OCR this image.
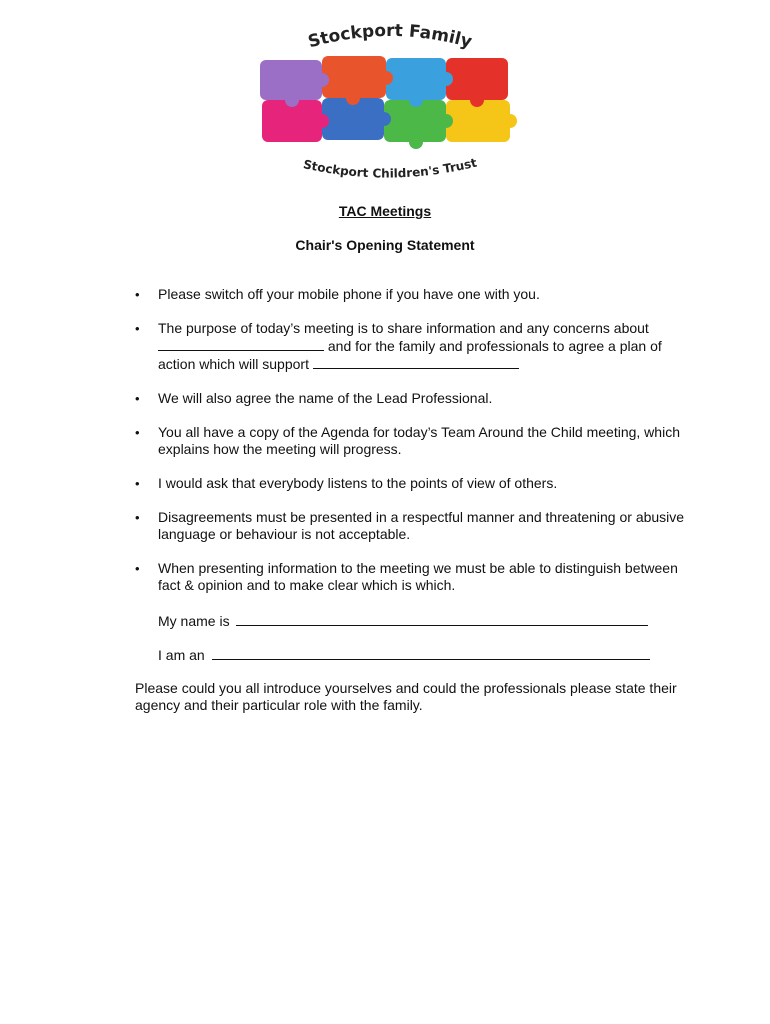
Stockport Family
Stockport Children's Trust
TAC Meetings
Chair's Opening Statement
• Please switch off your mobile phone if you have one with you.
• The purpose of today’s meeting is to share information and any concerns about  and for the family and professionals to agree a plan of action which will support
• We will also agree the name of the Lead Professional.
• You all have a copy of the Agenda for today’s Team Around the Child meeting, which explains how the meeting will progress.
• I would ask that everybody listens to the points of view of others.
• Disagreements must be presented in a respectful manner and threatening or abusive language or behaviour is not acceptable.
• When presenting information to the meeting we must be able to distinguish between fact & opinion and to make clear which is which.
My name is
I am an
Please could you all introduce yourselves and could the professionals please state their agency and their particular role with the family.
